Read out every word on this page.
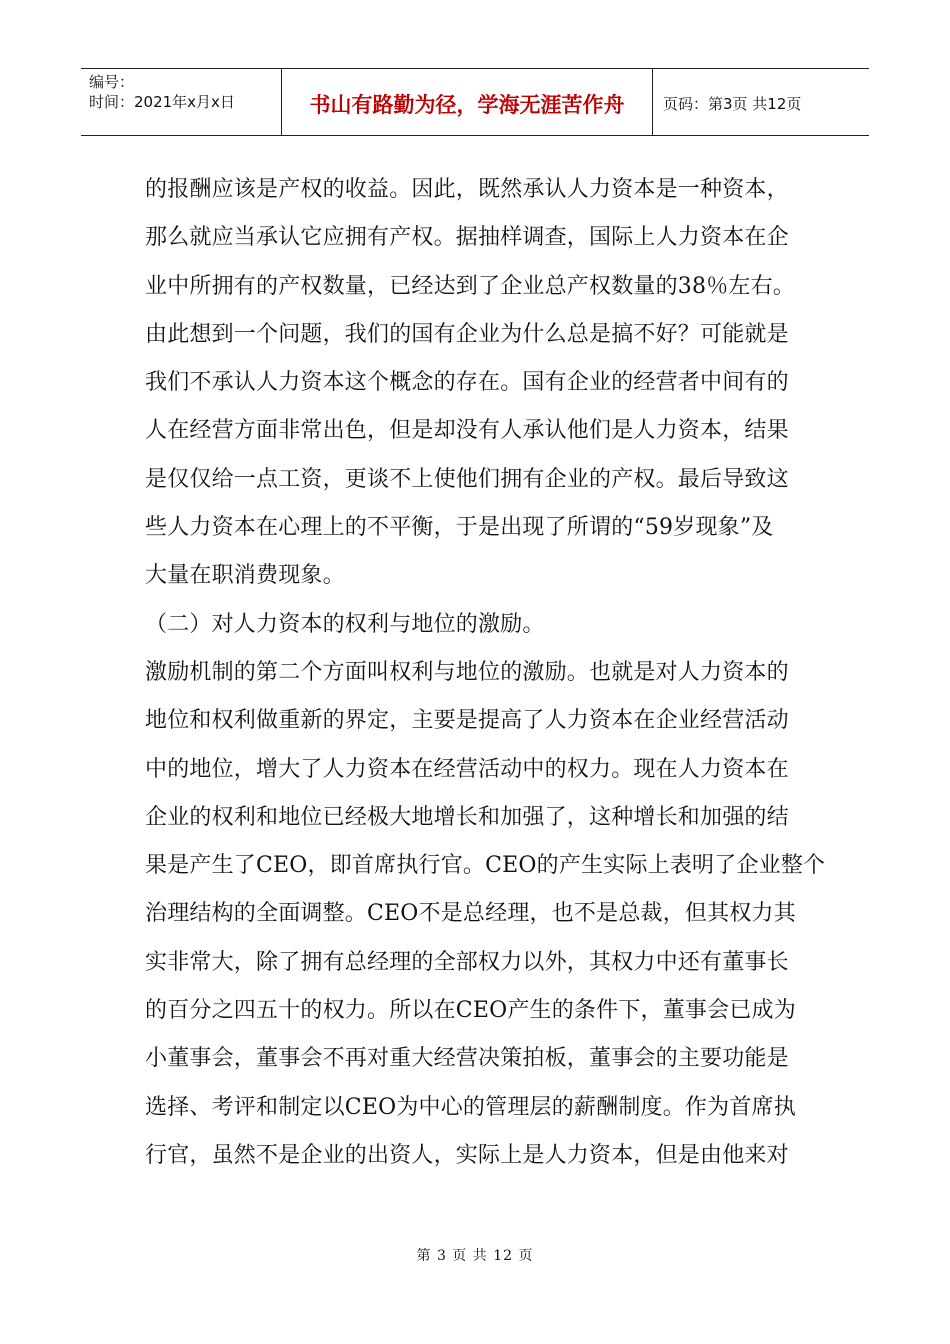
编号：
时间：2021年x月x日	书山有路勤为径，学海无涯苦作舟	页码：第3页 共12页

的报酬应该是产权的收益。因此，既然承认人力资本是一种资本，

那么就应当承认它应拥有产权。据抽样调查，国际上人力资本在企

业中所拥有的产权数量，已经达到了企业总产权数量的38％左右。

由此想到一个问题，我们的国有企业为什么总是搞不好？可能就是

我们不承认人力资本这个概念的存在。国有企业的经营者中间有的

人在经营方面非常出色，但是却没有人承认他们是人力资本，结果

是仅仅给一点工资，更谈不上使他们拥有企业的产权。最后导致这

些人力资本在心理上的不平衡，于是出现了所谓的“59岁现象”及

大量在职消费现象。

（二）对人力资本的权利与地位的激励。

激励机制的第二个方面叫权利与地位的激励。也就是对人力资本的

地位和权利做重新的界定，主要是提高了人力资本在企业经营活动

中的地位，增大了人力资本在经营活动中的权力。现在人力资本在

企业的权利和地位已经极大地增长和加强了，这种增长和加强的结

果是产生了CEO，即首席执行官。CEO的产生实际上表明了企业整个

治理结构的全面调整。CEO不是总经理，也不是总裁，但其权力其

实非常大，除了拥有总经理的全部权力以外，其权力中还有董事长

的百分之四五十的权力。所以在CEO产生的条件下，董事会已成为

小董事会，董事会不再对重大经营决策拍板，董事会的主要功能是

选择、考评和制定以CEO为中心的管理层的薪酬制度。作为首席执

行官，虽然不是企业的出资人，实际上是人力资本，但是由他来对

第 3 页 共 12 页
